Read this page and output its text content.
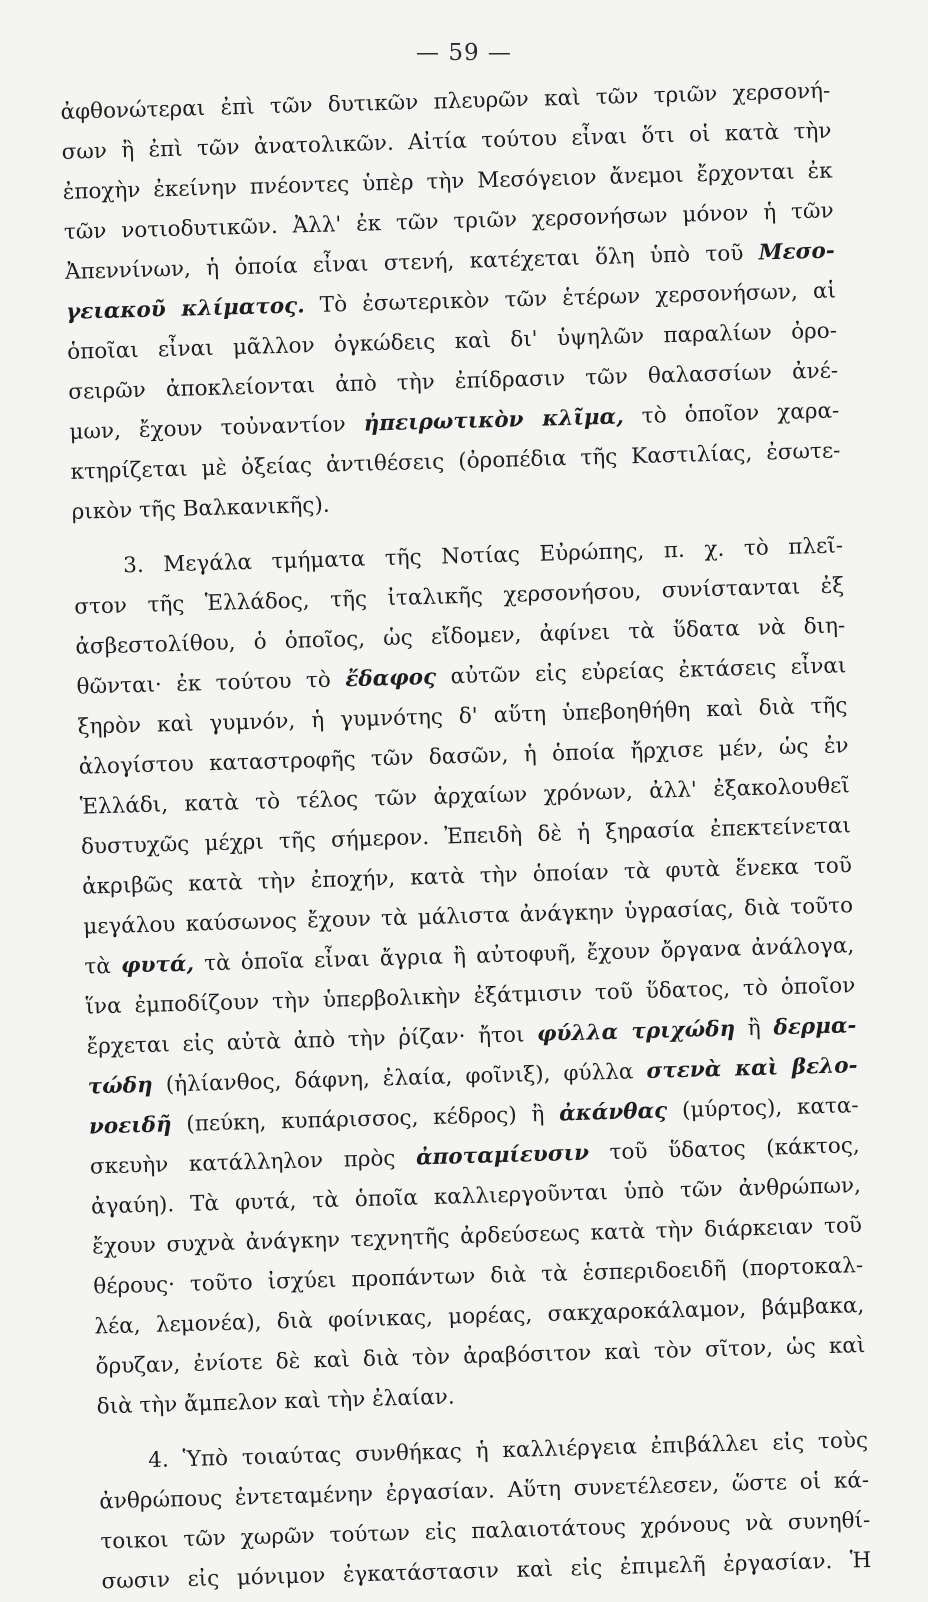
— 59 —
ἀφθονώτεραι ἐπὶ τῶν δυτικῶν πλευρῶν καὶ τῶν τριῶν χερσονή-
σων ἢ ἐπὶ τῶν ἀνατολικῶν. Αἰτία τούτου εἶναι ὅτι οἱ κατὰ τὴν
ἐποχὴν ἐκείνην πνέοντες ὑπὲρ τὴν Μεσόγειον ἄνεμοι ἔρχονται ἐκ
τῶν νοτιοδυτικῶν. Ἀλλ' ἐκ τῶν τριῶν χερσονήσων μόνον ἡ τῶν
Ἀπεννίνων, ἡ ὁποία εἶναι στενή, κατέχεται ὅλη ὑπὸ τοῦ Μεσο-
γειακοῦ κλίματος. Τὸ ἐσωτερικὸν τῶν ἑτέρων χερσονήσων, αἱ
ὁποῖαι εἶναι μᾶλλον ὀγκώδεις καὶ δι' ὑψηλῶν παραλίων ὀρο-
σειρῶν ἀποκλείονται ἀπὸ τὴν ἐπίδρασιν τῶν θαλασσίων ἀνέ-
μων, ἔχουν τοὐναντίον ἠπειρωτικὸν κλῖμα, τὸ ὁποῖον χαρα-
κτηρίζεται μὲ ὀξείας ἀντιθέσεις (ὀροπέδια τῆς Καστιλίας, ἐσωτε-
ρικὸν τῆς Βαλκανικῆς).
3. Μεγάλα τμήματα τῆς Νοτίας Εὐρώπης, π. χ. τὸ πλεῖ-
στον τῆς Ἑλλάδος, τῆς ἰταλικῆς χερσονήσου, συνίστανται ἐξ
ἀσβεστολίθου, ὁ ὁποῖος, ὡς εἴδομεν, ἀφίνει τὰ ὕδατα νὰ διη-
θῶνται· ἐκ τούτου τὸ ἔδαφος αὐτῶν εἰς εὐρείας ἐκτάσεις εἶναι
ξηρὸν καὶ γυμνόν, ἡ γυμνότης δ' αὕτη ὑπεβοηθήθη καὶ διὰ τῆς
ἀλογίστου καταστροφῆς τῶν δασῶν, ἡ ὁποία ἤρχισε μέν, ὡς ἐν
Ἑλλάδι, κατὰ τὸ τέλος τῶν ἀρχαίων χρόνων, ἀλλ' ἐξακολουθεῖ
δυστυχῶς μέχρι τῆς σήμερον. Ἐπειδὴ δὲ ἡ ξηρασία ἐπεκτείνεται
ἀκριβῶς κατὰ τὴν ἐποχήν, κατὰ τὴν ὁποίαν τὰ φυτὰ ἕνεκα τοῦ
μεγάλου καύσωνος ἔχουν τὰ μάλιστα ἀνάγκην ὑγρασίας, διὰ τοῦτο
τὰ φυτά, τὰ ὁποῖα εἶναι ἄγρια ἢ αὐτοφυῆ, ἔχουν ὄργανα ἀνάλογα,
ἵνα ἐμποδίζουν τὴν ὑπερβολικὴν ἐξάτμισιν τοῦ ὕδατος, τὸ ὁποῖον
ἔρχεται εἰς αὐτὰ ἀπὸ τὴν ῥίζαν· ἤτοι φύλλα τριχώδη ἢ δερμα-
τώδη (ἡλίανθος, δάφνη, ἐλαία, φοῖνιξ), φύλλα στενὰ καὶ βελο-
νοειδῆ (πεύκη, κυπάρισσος, κέδρος) ἢ ἀκάνθας (μύρτος), κατα-
σκευὴν κατάλληλον πρὸς ἀποταμίευσιν τοῦ ὕδατος (κάκτος,
ἀγαύη). Τὰ φυτά, τὰ ὁποῖα καλλιεργοῦνται ὑπὸ τῶν ἀνθρώπων,
ἔχουν συχνὰ ἀνάγκην τεχνητῆς ἀρδεύσεως κατὰ τὴν διάρκειαν τοῦ
θέρους· τοῦτο ἰσχύει προπάντων διὰ τὰ ἑσπεριδοειδῆ (πορτοκαλ-
λέα, λεμονέα), διὰ φοίνικας, μορέας, σακχαροκάλαμον, βάμβακα,
ὄρυζαν, ἐνίοτε δὲ καὶ διὰ τὸν ἀραβόσιτον καὶ τὸν σῖτον, ὡς καὶ
διὰ τὴν ἄμπελον καὶ τὴν ἐλαίαν.
4. Ὑπὸ τοιαύτας συνθήκας ἡ καλλιέργεια ἐπιβάλλει εἰς τοὺς
ἀνθρώπους ἐντεταμένην ἐργασίαν. Αὕτη συνετέλεσεν, ὥστε οἱ κά-
τοικοι τῶν χωρῶν τούτων εἰς παλαιοτάτους χρόνους νὰ συνηθί-
σωσιν εἰς μόνιμον ἐγκατάστασιν καὶ εἰς ἐπιμελῆ ἐργασίαν. Ἡ
